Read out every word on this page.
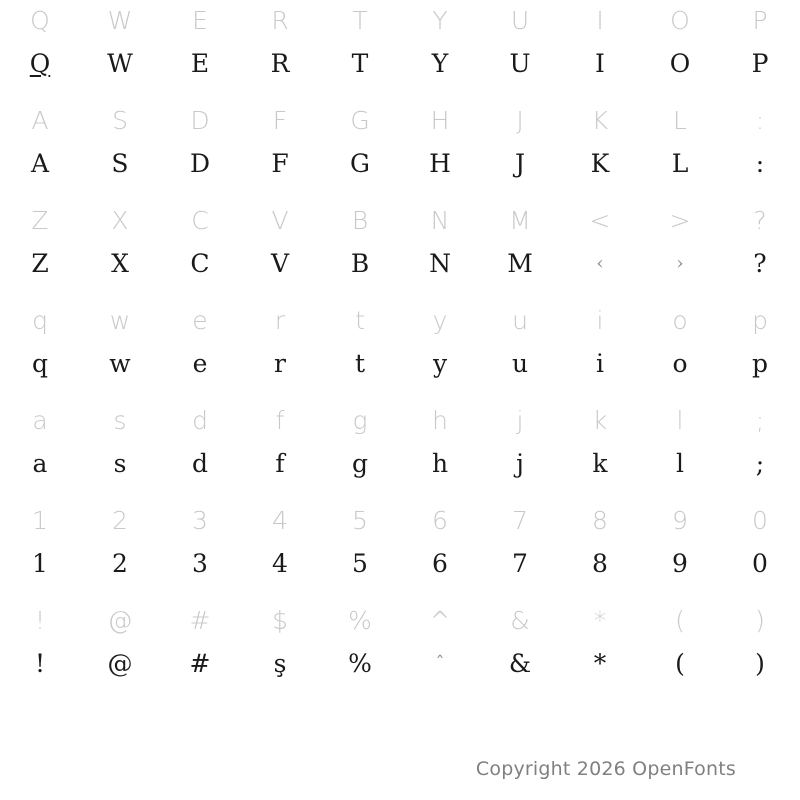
Q	W	E	R	T	Y	U	I	O	P
Q	W	E	R	T	Y	U	I	O	P
A	S	D	F	G	H	J	K	L	:
A	S	D	F	G	H	J	K	L	:
Z	X	C	V	B	N	M	<	>	?
Z	X	C	V	B	N	M	‹	›	?
q	w	e	r	t	y	u	i	o	p
q	w	e	r	t	y	u	i	o	p
a	s	d	f	g	h	j	k	l	;
a	s	d	f	g	h	j	k	l	;
1	2	3	4	5	6	7	8	9	0
1	2	3	4	5	6	7	8	9	0
!	@	#	$	%	^	&	*	(	)
!	@	#	ş	%	ˆ	&	*	(	)
Copyright 2026 OpenFonts
